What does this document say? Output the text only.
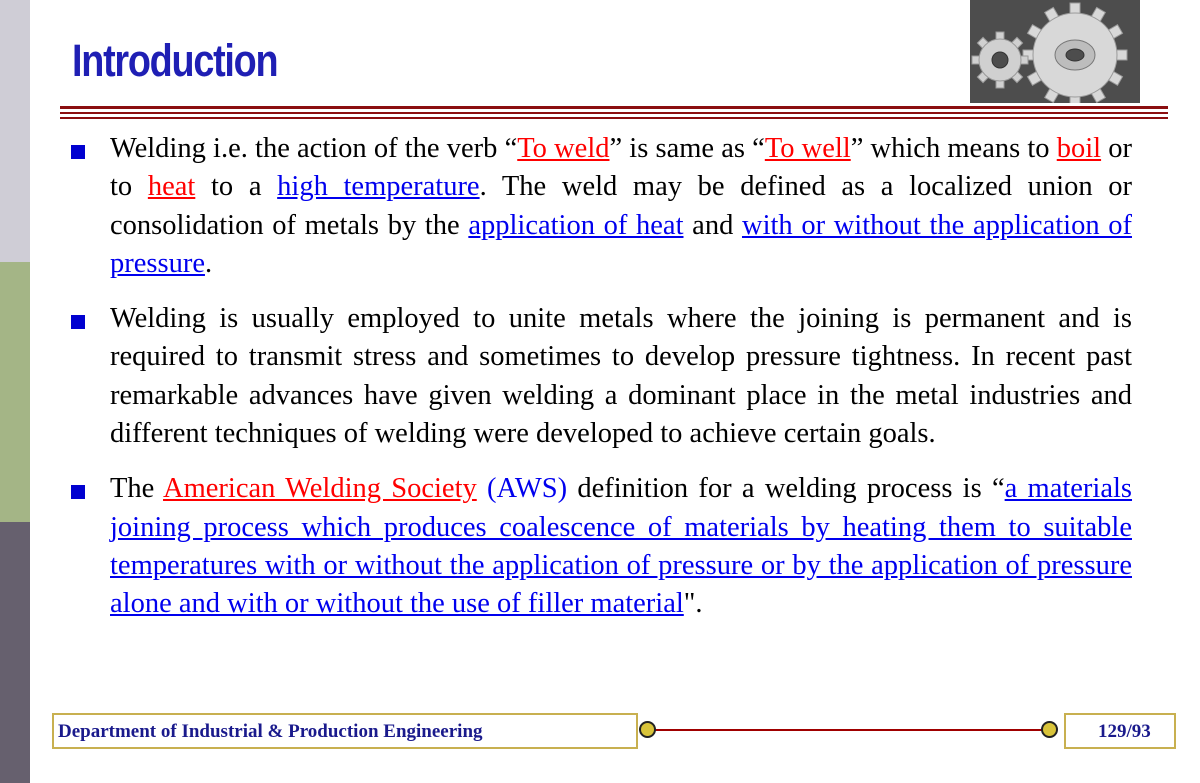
Introduction
Welding i.e. the action of the verb “To weld” is same as “To well” which means to boil or to heat to a high temperature. The weld may be defined as a localized union or consolidation of metals by the application of heat and with or without the application of pressure.
Welding is usually employed to unite metals where the joining is permanent and is required to transmit stress and sometimes to develop pressure tightness. In recent past remarkable advances have given welding a dominant place in the metal industries and different techniques of welding were developed to achieve certain goals.
The American Welding Society (AWS) definition for a welding process is “a materials joining process which produces coalescence of materials by heating them to suitable temperatures with or without the application of pressure or by the application of pressure alone and with or without the use of filler material".
Department of Industrial & Production Engineering	129/93
